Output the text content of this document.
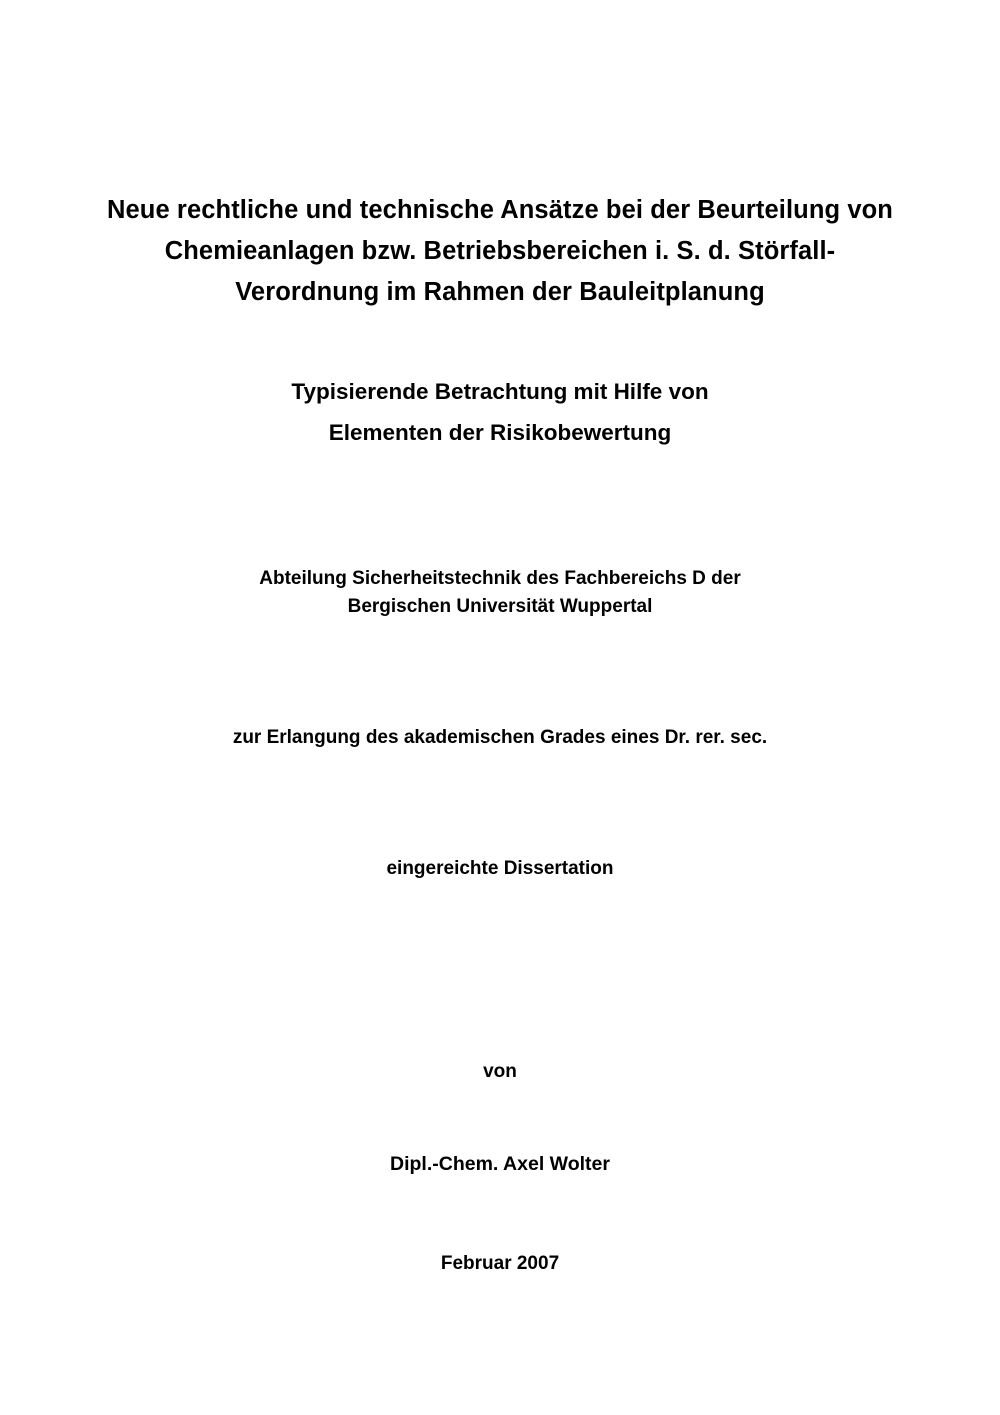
Neue rechtliche und technische Ansätze bei der Beurteilung von
Chemieanlagen bzw. Betriebsbereichen i. S. d. Störfall-
Verordnung im Rahmen der Bauleitplanung
Typisierende Betrachtung mit Hilfe von
Elementen der Risikobewertung
Abteilung Sicherheitstechnik des Fachbereichs D der
Bergischen Universität Wuppertal
zur Erlangung des akademischen Grades eines Dr. rer. sec.
eingereichte Dissertation
von
Dipl.-Chem. Axel Wolter
Februar 2007
